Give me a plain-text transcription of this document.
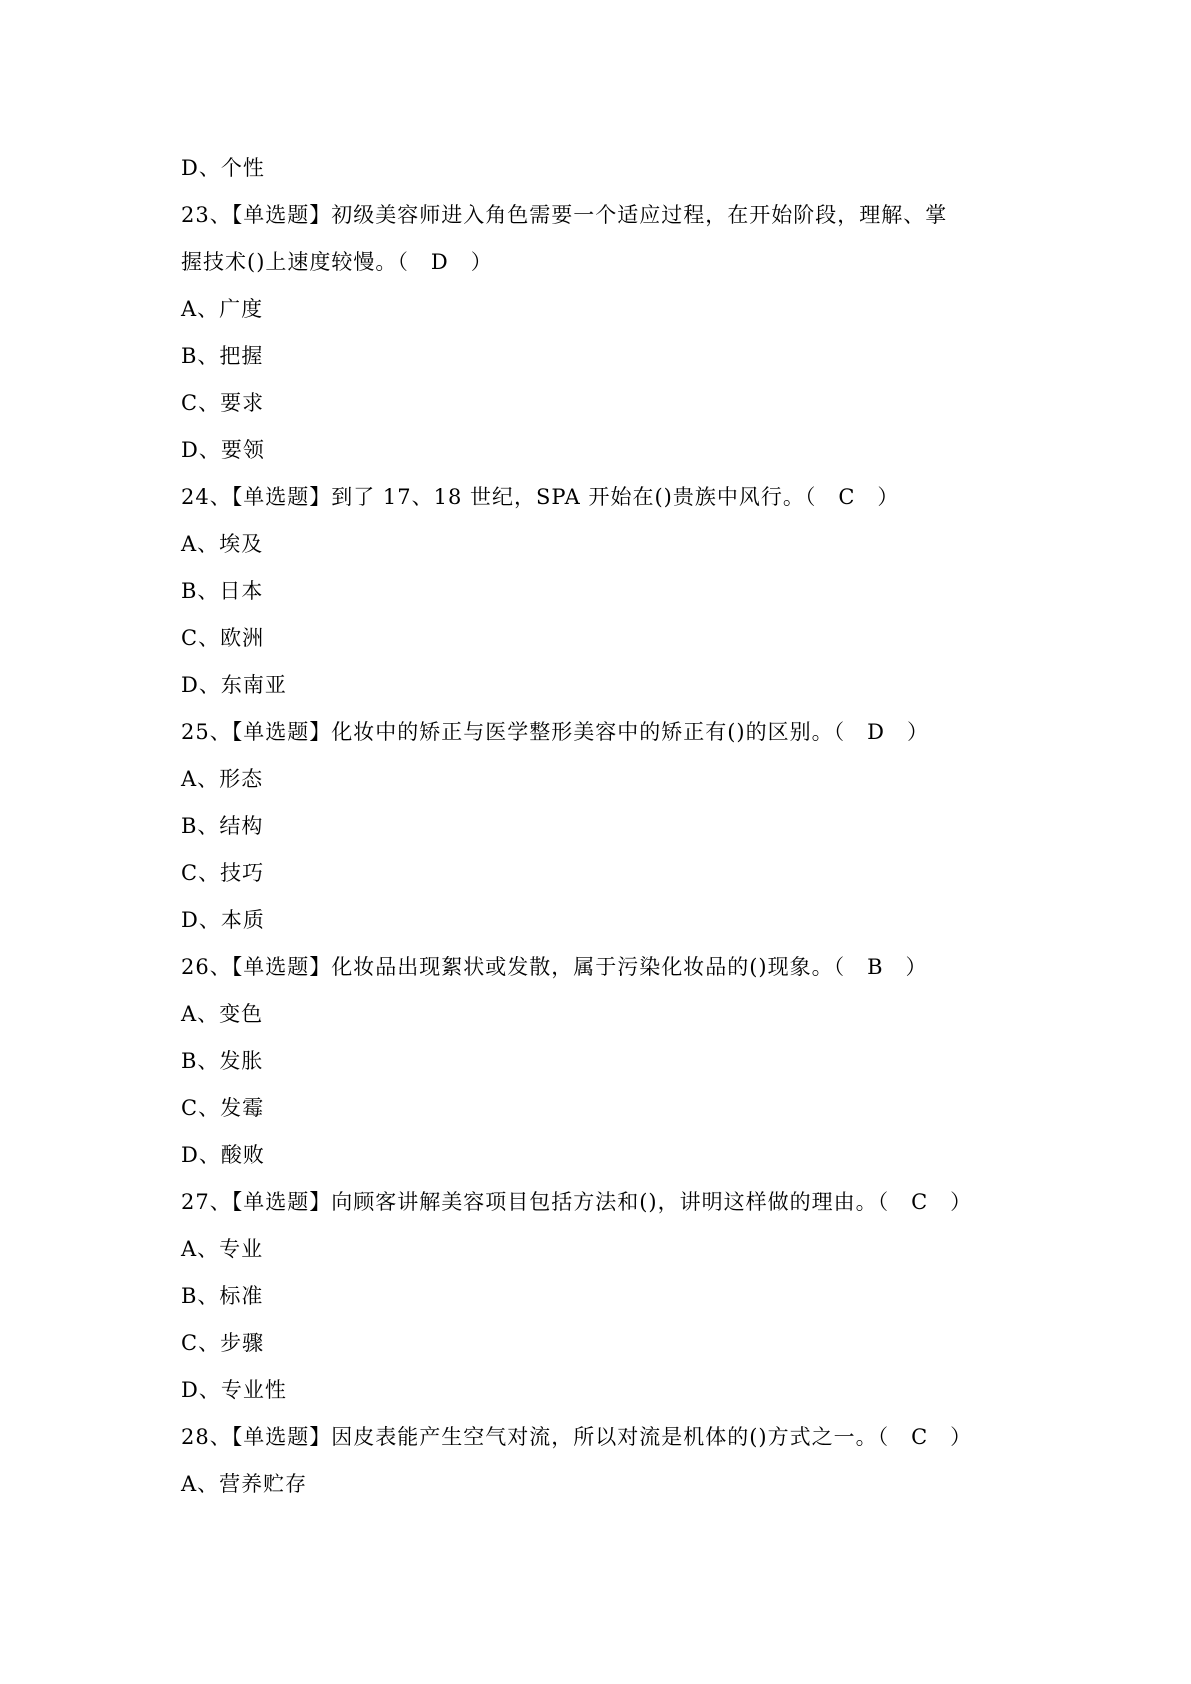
D、个性
23、【单选题】初级美容师进入角色需要一个适应过程，在开始阶段，理解、掌
握技术()上速度较慢。（　D　）
A、广度
B、把握
C、要求
D、要领
24、【单选题】到了 17、18 世纪，SPA 开始在()贵族中风行。（　C　）
A、埃及
B、日本
C、欧洲
D、东南亚
25、【单选题】化妆中的矫正与医学整形美容中的矫正有()的区别。（　D　）
A、形态
B、结构
C、技巧
D、本质
26、【单选题】化妆品出现絮状或发散，属于污染化妆品的()现象。（　B　）
A、变色
B、发胀
C、发霉
D、酸败
27、【单选题】向顾客讲解美容项目包括方法和()，讲明这样做的理由。（　C　）
A、专业
B、标准
C、步骤
D、专业性
28、【单选题】因皮表能产生空气对流，所以对流是机体的()方式之一。（　C　）
A、营养贮存
